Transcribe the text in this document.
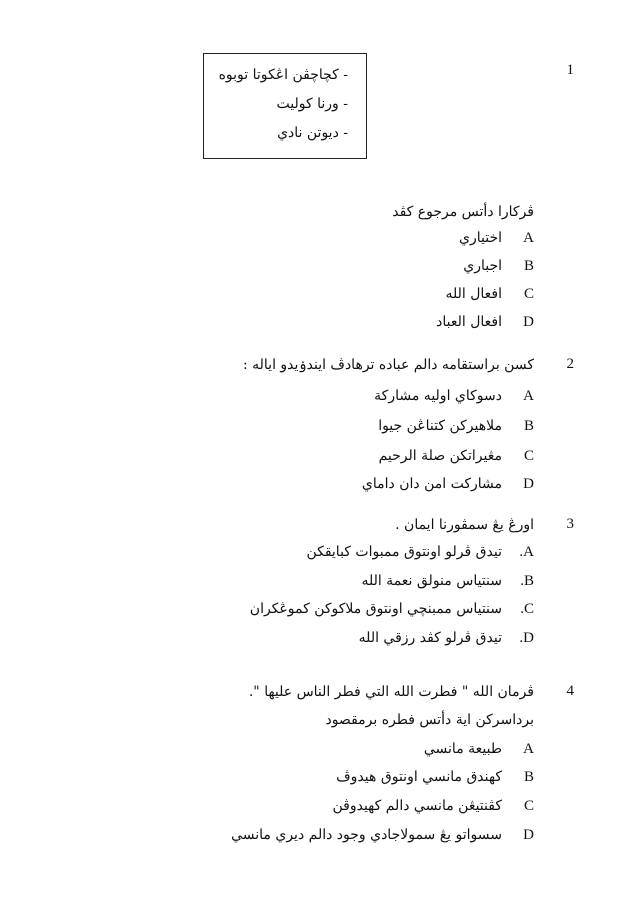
1
- كچاچڤن اڠكوتا توبوه
- ورنا كوليت
- ديوتن نادي
ڤركارا دأتس مرجوع كڤد
A
اختياري
B
اجباري
C
افعال الله
D
افعال العباد
2
كسن براستقامه دالم عباده ترهادڤ ايندۏيدو اياله :
A
دسوكاي اوليه مشاركة
B
ملاهيركن كتناڠن جيوا
C
مڠيراتكن صلة الرحيم
D
مشاركت امن دان داماي
3
اورڠ يڠ سمڤورنا ايمان .
A.
تيدق ڤرلو اونتوق ممبوات كبايقكن
B.
سنتياس منولق نعمة الله
C.
سنتياس ممبنچي اونتوق ملاكوكن كموڠكران
D.
تيدق ڤرلو كڤد رزقي الله
4
ڤرمان الله " فطرت الله التي فطر الناس عليها ".
برداسركن اية دأتس فطره برمقصود
A
طبيعة مانسي
B
كهندق مانسي اونتوق هيدوڤ
C
كڤنتيڠن مانسي دالم كهيدوڤن
D
سسواتو يڠ سمولاجادي وجود دالم ديري مانسي
